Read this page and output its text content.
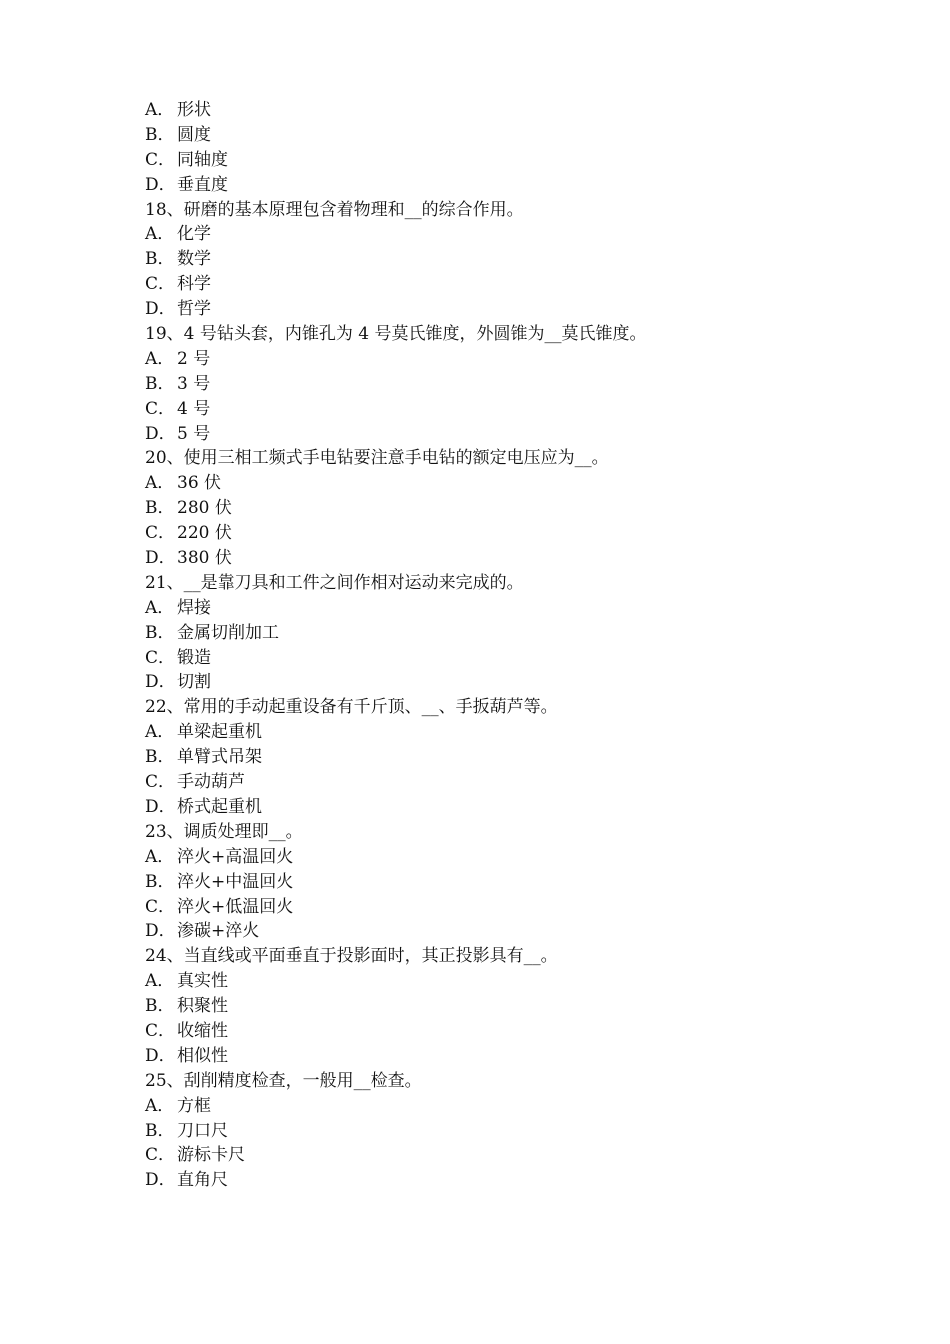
A． 形状
B． 圆度
C． 同轴度
D．垂直度
18、研磨的基本原理包含着物理和__的综合作用。
A． 化学
B． 数学
C． 科学
D．哲学
19、4 号钻头套，内锥孔为 4 号莫氏锥度，外圆锥为__莫氏锥度。
A． 2 号
B． 3 号
C． 4 号
D．5 号
20、使用三相工频式手电钻要注意手电钻的额定电压应为__。
A． 36 伏
B． 280 伏
C． 220 伏
D．380 伏
21、__是靠刀具和工件之间作相对运动来完成的。
A． 焊接
B． 金属切削加工
C． 锻造
D．切割
22、常用的手动起重设备有千斤顶、__、手扳葫芦等。
A． 单梁起重机
B． 单臂式吊架
C． 手动葫芦
D．桥式起重机
23、调质处理即__。
A． 淬火+高温回火
B． 淬火+中温回火
C． 淬火+低温回火
D．渗碳+淬火
24、当直线或平面垂直于投影面时，其正投影具有__。
A． 真实性
B． 积聚性
C． 收缩性
D．相似性
25、刮削精度检查，一般用__检查。
A． 方框
B． 刀口尺
C． 游标卡尺
D．直角尺
